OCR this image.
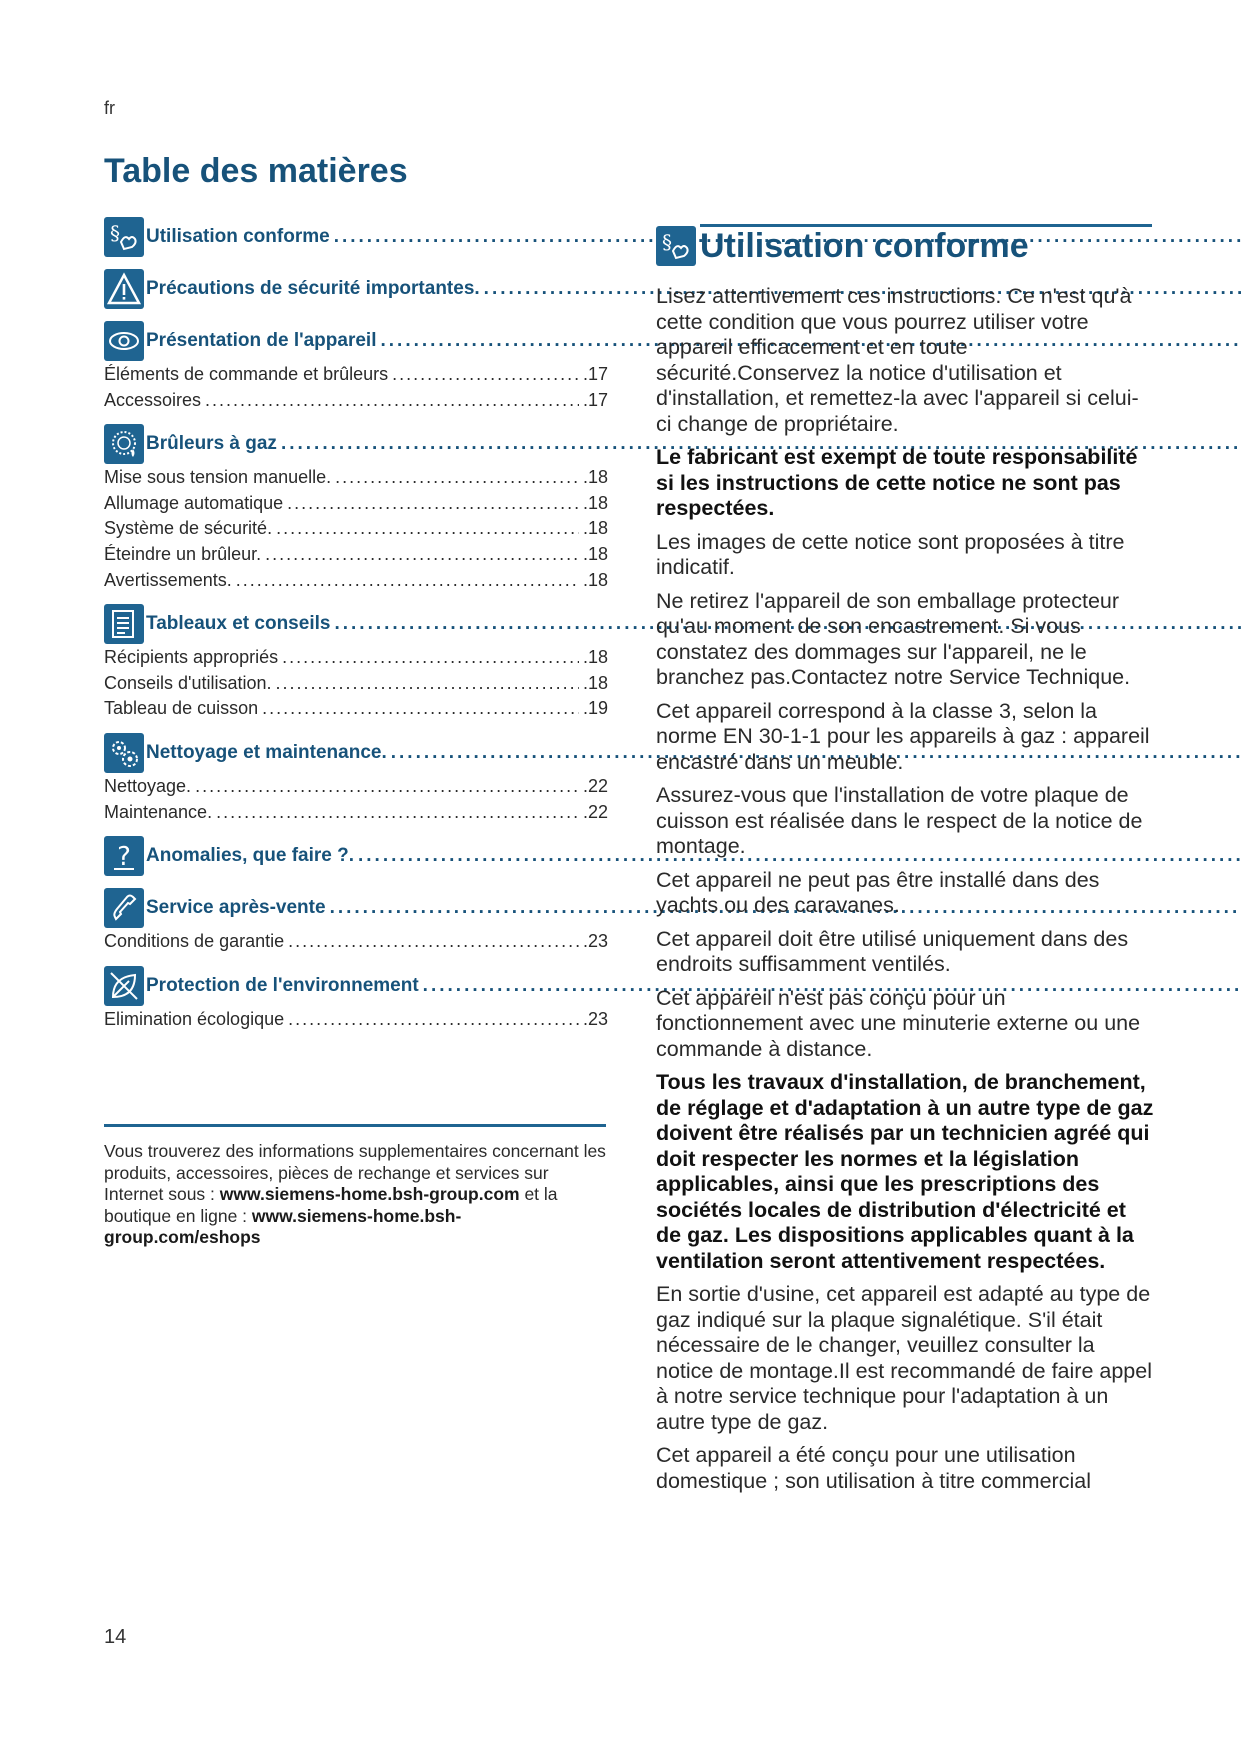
fr
Table des matières
§ Utilisation conforme
.....
Précautions de sécurité importantes.
.....
Présentation de l'appareil
.....
Éléments de commande et brûleurs .....	.17
Accessoires .....	.17
Brûleurs à gaz
.....
Mise sous tension manuelle. .....	.18
Allumage automatique .....	.18
Système de sécurité. .....	.18
Éteindre un brûleur. .....	.18
Avertissements. .....	.18
Tableaux et conseils
.....
Récipients appropriés .....	.18
Conseils d'utilisation. .....	.18
Tableau de cuisson .....	.19
Nettoyage et maintenance.
.....
Nettoyage. .....	.22
Maintenance. .....	.22
? Anomalies, que faire ?.
.....
Service après-vente
.....
Conditions de garantie .....	.23
Protection de l'environnement
.....
Elimination écologique .....	.23
Vous trouverez des informations supplementaires concernant les produits, accessoires, pièces de rechange et services sur Internet sous : www.siemens-home.bsh-group.com et la boutique en ligne : www.siemens-home.bsh-group.com/eshops
§ Utilisation conforme

Lisez attentivement ces instructions. Ce n'est qu'à cette condition que vous pourrez utiliser votre appareil efficacement et en toute sécurité.Conservez la notice d'utilisation et d'installation, et remettez-la avec l'appareil si celui-ci change de propriétaire.

Le fabricant est exempt de toute responsabilité si les instructions de cette notice ne sont pas respectées.

Les images de cette notice sont proposées à titre indicatif.

Ne retirez l'appareil de son emballage protecteur qu'au moment de son encastrement. Si vous constatez des dommages sur l'appareil, ne le branchez pas.Contactez notre Service Technique.

Cet appareil correspond à la classe 3, selon la norme EN 30-1-1 pour les appareils à gaz : appareil encastré dans un meuble.

Assurez-vous que l'installation de votre plaque de cuisson est réalisée dans le respect de la notice de montage.

Cet appareil ne peut pas être installé dans des yachts ou des caravanes.

Cet appareil doit être utilisé uniquement dans des endroits suffisamment ventilés.

Cet appareil n'est pas conçu pour un fonctionnement avec une minuterie externe ou une commande à distance.

Tous les travaux d'installation, de branchement, de réglage et d'adaptation à un autre type de gaz doivent être réalisés par un technicien agréé qui doit respecter les normes et la législation applicables, ainsi que les prescriptions des sociétés locales de distribution d'électricité et de gaz. Les dispositions applicables quant à la ventilation seront attentivement respectées.

En sortie d'usine, cet appareil est adapté au type de gaz indiqué sur la plaque signalétique. S'il était nécessaire de le changer, veuillez consulter la notice de montage.Il est recommandé de faire appel à notre service technique pour l'adaptation à un autre type de gaz.

Cet appareil a été conçu pour une utilisation domestique ; son utilisation à titre commercial

14
